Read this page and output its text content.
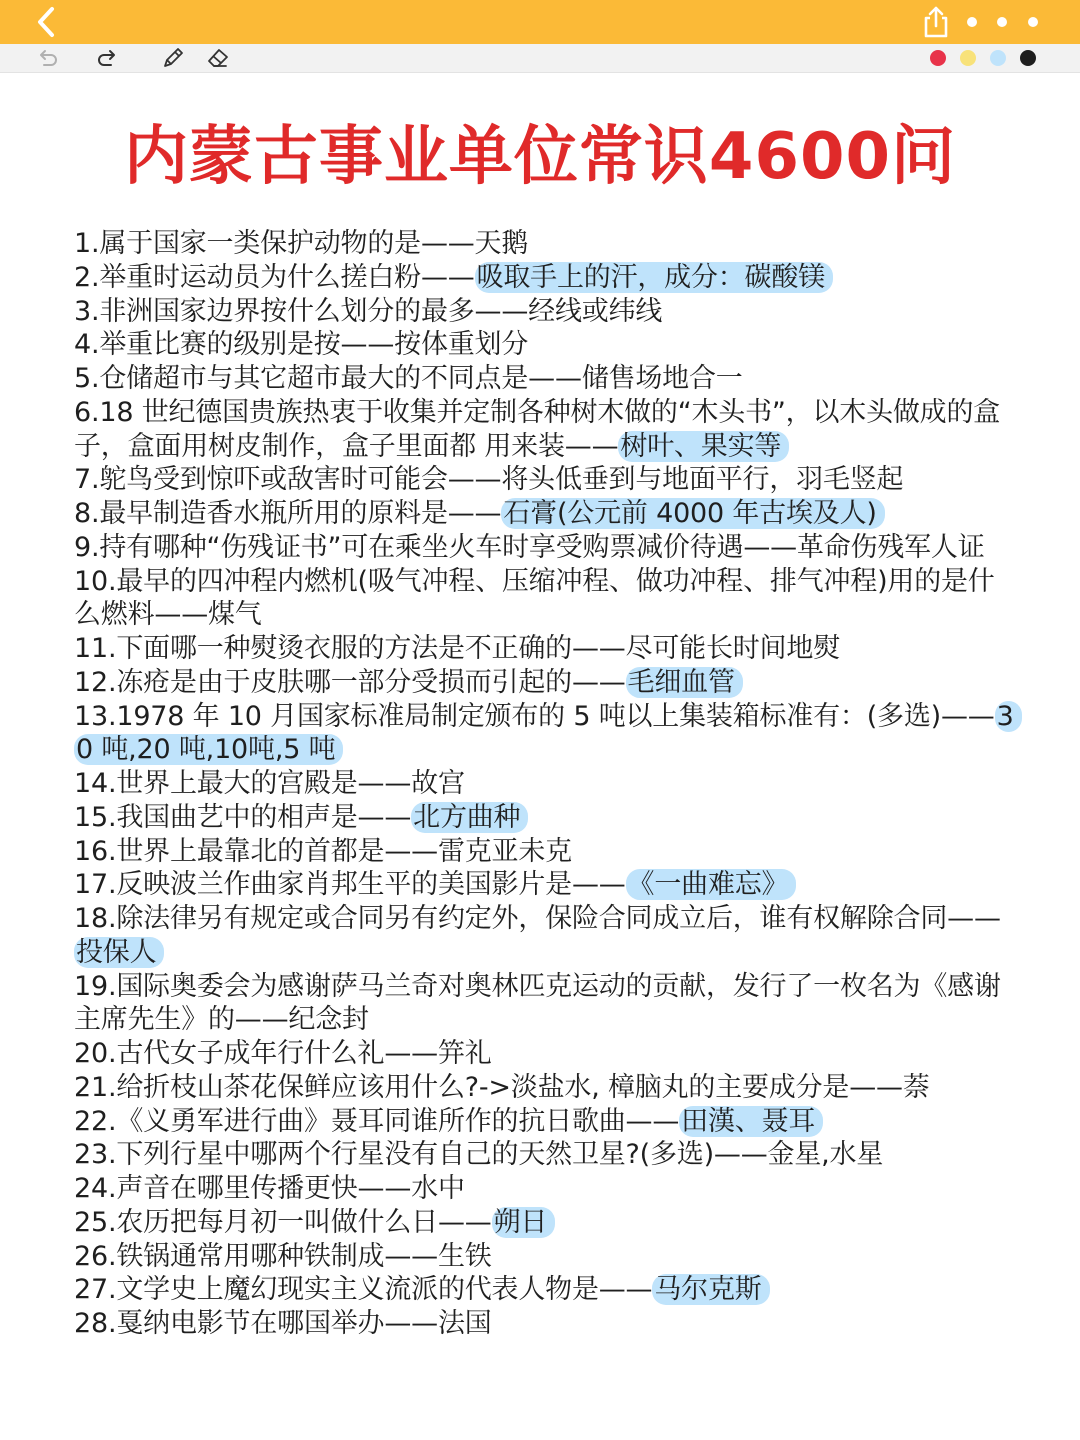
内蒙古事业单位常识4600问
1.属于国家一类保护动物的是——天鹅
2.举重时运动员为什么搓白粉——吸取手上的汗，成分：碳酸镁
3.非洲国家边界按什么划分的最多——经线或纬线
4.举重比赛的级别是按——按体重划分
5.仓储超市与其它超市最大的不同点是——储售场地合一
6.18 世纪德国贵族热衷于收集并定制各种树木做的“木头书”，以木头做成的盒子，盒面用树皮制作，盒子里面都 用来装——树叶、果实等
7.鸵鸟受到惊吓或敌害时可能会——将头低垂到与地面平行，羽毛竖起
8.最早制造香水瓶所用的原料是——石膏(公元前 4000 年古埃及人)
9.持有哪种“伤残证书”可在乘坐火车时享受购票减价待遇——革命伤残军人证
10.最早的四冲程内燃机(吸气冲程、压缩冲程、做功冲程、排气冲程)用的是什么燃料——煤气
11.下面哪一种熨烫衣服的方法是不正确的——尽可能长时间地熨
12.冻疮是由于皮肤哪一部分受损而引起的——毛细血管
13.1978 年 10 月国家标准局制定颁布的 5 吨以上集装箱标准有：(多选)——30 吨,20 吨,10吨,5 吨
14.世界上最大的宫殿是——故宫
15.我国曲艺中的相声是——北方曲种
16.世界上最靠北的首都是——雷克亚未克
17.反映波兰作曲家肖邦生平的美国影片是——《一曲难忘》
18.除法律另有规定或合同另有约定外，保险合同成立后，谁有权解除合同——投保人
19.国际奥委会为感谢萨马兰奇对奥林匹克运动的贡献，发行了一枚名为《感谢主席先生》的——纪念封
20.古代女子成年行什么礼——笄礼
21.给折枝山茶花保鲜应该用什么?->淡盐水, 樟脑丸的主要成分是——萘
22.《义勇军进行曲》聂耳同谁所作的抗日歌曲——田漢、聂耳
23.下列行星中哪两个行星没有自己的天然卫星?(多选)——金星,水星
24.声音在哪里传播更快——水中
25.农历把每月初一叫做什么日——朔日
26.铁锅通常用哪种铁制成——生铁
27.文学史上魔幻现实主义流派的代表人物是——马尔克斯
28.戛纳电影节在哪国举办——法国
